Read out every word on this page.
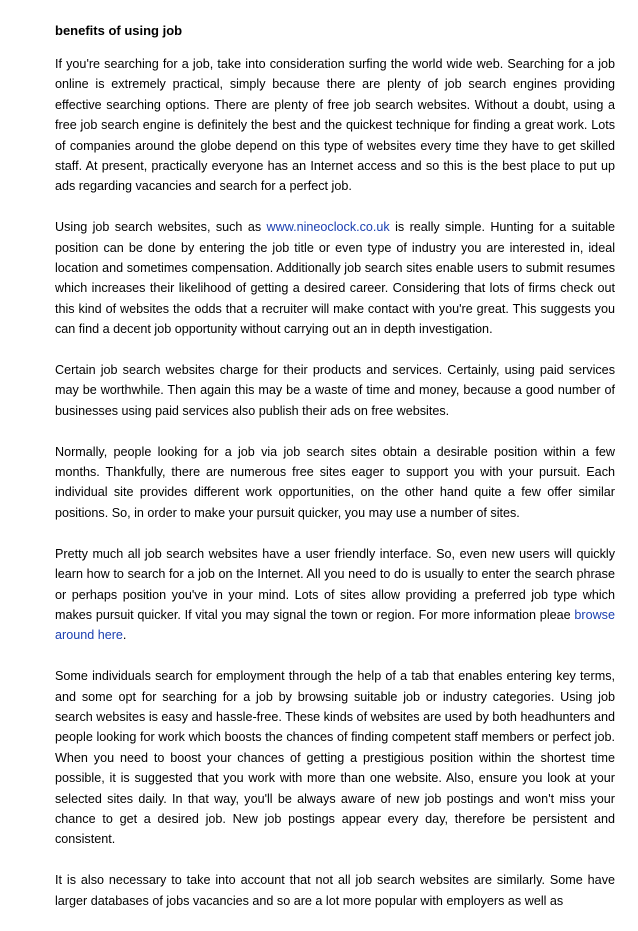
benefits of using job

If you're searching for a job, take into consideration surfing the world wide web. Searching for a job online is extremely practical, simply because there are plenty of job search engines providing effective searching options. There are plenty of free job search websites. Without a doubt, using a free job search engine is definitely the best and the quickest technique for finding a great work. Lots of companies around the globe depend on this type of websites every time they have to get skilled staff. At present, practically everyone has an Internet access and so this is the best place to put up ads regarding vacancies and search for a perfect job.

Using job search websites, such as www.nineoclock.co.uk is really simple. Hunting for a suitable position can be done by entering the job title or even type of industry you are interested in, ideal location and sometimes compensation. Additionally job search sites enable users to submit resumes which increases their likelihood of getting a desired career. Considering that lots of firms check out this kind of websites the odds that a recruiter will make contact with you're great. This suggests you can find a decent job opportunity without carrying out an in depth investigation.

Certain job search websites charge for their products and services. Certainly, using paid services may be worthwhile. Then again this may be a waste of time and money, because a good number of businesses using paid services also publish their ads on free websites.

Normally, people looking for a job via job search sites obtain a desirable position within a few months. Thankfully, there are numerous free sites eager to support you with your pursuit. Each individual site provides different work opportunities, on the other hand quite a few offer similar positions. So, in order to make your pursuit quicker, you may use a number of sites.

Pretty much all job search websites have a user friendly interface. So, even new users will quickly learn how to search for a job on the Internet. All you need to do is usually to enter the search phrase or perhaps position you've in your mind. Lots of sites allow providing a preferred job type which makes pursuit quicker. If vital you may signal the town or region. For more information pleae browse around here.

Some individuals search for employment through the help of a tab that enables entering key terms, and some opt for searching for a job by browsing suitable job or industry categories. Using job search websites is easy and hassle-free. These kinds of websites are used by both headhunters and people looking for work which boosts the chances of finding competent staff members or perfect job. When you need to boost your chances of getting a prestigious position within the shortest time possible, it is suggested that you work with more than one website. Also, ensure you look at your selected sites daily. In that way, you'll be always aware of new job postings and won't miss your chance to get a desired job. New job postings appear every day, therefore be persistent and consistent.

It is also necessary to take into account that not all job search websites are similarly. Some have larger databases of jobs vacancies and so are a lot more popular with employers as well as
